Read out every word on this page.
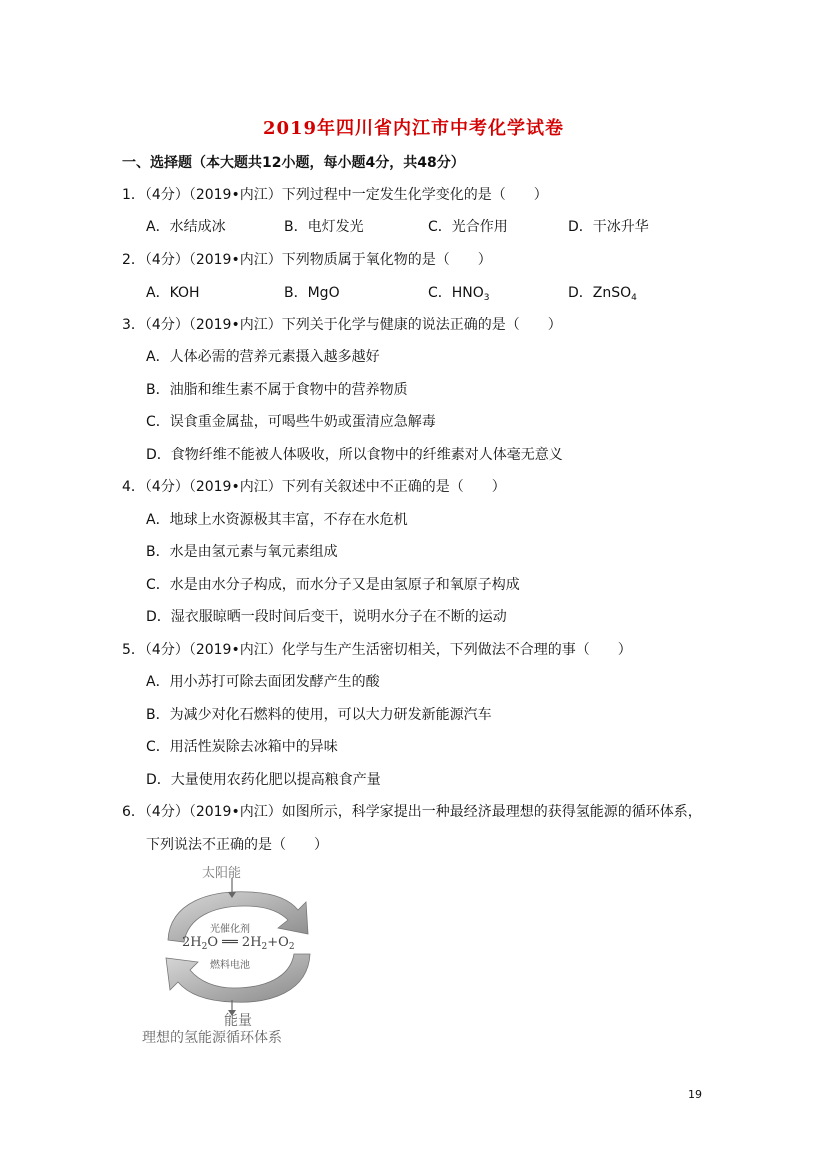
2019年四川省内江市中考化学试卷
一、选择题（本大题共12小题，每小题4分，共48分）
1．（4分）（2019•内江）下列过程中一定发生化学变化的是（　　）
A．水结成冰	B．电灯发光	C．光合作用	D．干冰升华
2．（4分）（2019•内江）下列物质属于氧化物的是（　　）
A．KOH	B．MgO	C．$HNO_3$	D．ZnSO$_4$
3．（4分）（2019•内江）下列关于化学与健康的说法正确的是（　　）
A．人体必需的营养元素摄入越多越好
B．油脂和维生素不属于食物中的营养物质
C．误食重金属盐，可喝些牛奶或蛋清应急解毒
D．食物纤维不能被人体吸收，所以食物中的纤维素对人体毫无意义
4．（4分）（2019•内江）下列有关叙述中不正确的是（　　）
A．地球上水资源极其丰富，不存在水危机
B．水是由氢元素与氧元素组成
C．水是由水分子构成，而水分子又是由氢原子和氧原子构成
D．湿衣服晾晒一段时间后变干，说明水分子在不断的运动
5．（4分）（2019•内江）化学与生产生活密切相关，下列做法不合理的事（　　）
A．用小苏打可除去面团发酵产生的酸
B．为减少对化石燃料的使用，可以大力研发新能源汽车
C．用活性炭除去冰箱中的异味
D．大量使用农药化肥以提高粮食产量
6．（4分）（2019•内江）如图所示，科学家提出一种最经济最理想的获得氢能源的循环体系，
下列说法不正确的是（　　）
太阳能
光催化剂
$2H_2O$ ══ $2H_2+O_2$
燃料电池
能量
理想的氢能源循环体系
19
